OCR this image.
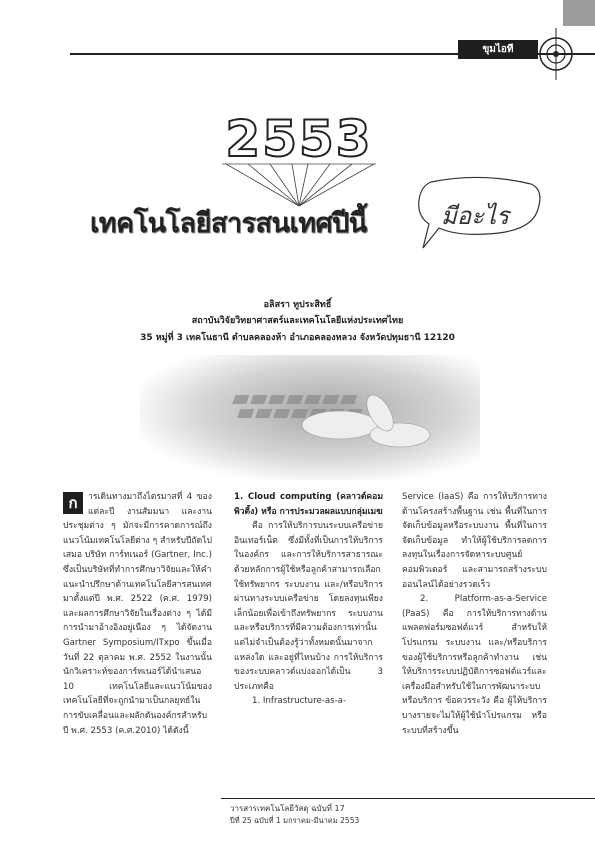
ขุมไอที
2553
เทคโนโลยีสารสนเทศปีนี้	มีอะไร
อลิสรา ทูประสิทธิ์
สถาบันวิจัยวิทยาศาสตร์และเทคโนโลยีแห่งประเทศไทย
35 หมู่ที่ 3 เทคโนธานี ตำบลคลองห้า อำเภอคลองหลวง จังหวัดปทุมธานี 12120
ก	ารเดินทางมาถึงไตรมาสที่ 4 ของแต่ละปี งานสัมมนา และงานประชุมต่าง ๆ มักจะมีการคาดการณ์ถึงแนวโน้มเทคโนโลยีต่าง ๆ สำหรับปีถัดไปเสมอ บริษัท การ์ทเนอร์ (Gartner, Inc.) ซึ่งเป็นบริษัทที่ทำการศึกษาวิจัยและให้คำแนะนำปรึกษาด้านเทคโนโลยีสารสนเทศมาตั้งแต่ปี พ.ศ. 2522 (ค.ศ. 1979) และผลการศึกษาวิจัยในเรื่องต่าง ๆ ได้มีการนำมาอ้างอิงอยู่เนือง ๆ ได้จัดงาน Gartner Symposium/ITxpo ขึ้นเมื่อวันที่ 22 ตุลาคม พ.ศ. 2552 ในงานนั้นนักวิเคราะห์ของการ์ทเนอร์ได้นำเสนอ 10 เทคโนโลยีและแนวโน้มของเทคโนโลยีที่จะถูกนำมาเป็นกลยุทธ์ในการขับเคลื่อนและผลักดันองค์กรสำหรับปี พ.ศ. 2553 (ค.ศ.2010) ได้ดังนี้

1. Cloud computing (คลาวด์คอมพิวติ้ง) หรือ การประมวลผลแบบกลุ่มเมฆ

คือ การให้บริการบนระบบเครือข่ายอินเทอร์เน็ต ซึ่งมีทั้งที่เป็นการให้บริการในองค์กร และการให้บริการสาธารณะ ด้วยหลักการผู้ใช้หรือลูกค้าสามารถเลือกใช้ทรัพยากร ระบบงาน และ/หรือบริการผ่านทางระบบเครือข่าย โดยลงทุนเพียงเล็กน้อยเพื่อเข้าถึงทรัพยากร ระบบงาน และหรือบริการที่มีความต้องการเท่านั้น แต่ไม่จำเป็นต้องรู้ว่าทั้งหมดนั้นมาจากแหล่งใด และอยู่ที่ไหนบ้าง การให้บริการของระบบคลาวด์แบ่งออกได้เป็น 3 ประเภทคือ

1. Infrastructure-as-a-

Service (IaaS) คือ การให้บริการทางด้านโครงสร้างพื้นฐาน เช่น พื้นที่ในการจัดเก็บข้อมูลหรือระบบงาน พื้นที่ในการจัดเก็บข้อมูล ทำให้ผู้ใช้บริการลดการลงทุนในเรื่องการจัดหาระบบศูนย์คอมพิวเตอร์ และสามารถสร้างระบบออนไลน์ได้อย่างรวดเร็ว

2. Platform-as-a-Service (PaaS) คือ การให้บริการทางด้านแพลตฟอร์มซอฟต์แวร์ สำหรับให้โปรแกรม ระบบงาน และ/หรือบริการของผู้ใช้บริการหรือลูกค้าทำงาน เช่น ให้บริการระบบปฏิบัติการซอฟต์แวร์และเครื่องมือสำหรับใช้ในการพัฒนาระบบ หรือบริการ ข้อควรระวัง คือ ผู้ให้บริการบางรายจะไม่ให้ผู้ใช้นำโปรแกรม หรือระบบที่สร้างขึ้น

วารสารเทคโนโลยีวัสดุ ฉบับที่ 17
ปีที่ 25 ฉบับที่ 1 มกราคม-มีนาคม 2553
